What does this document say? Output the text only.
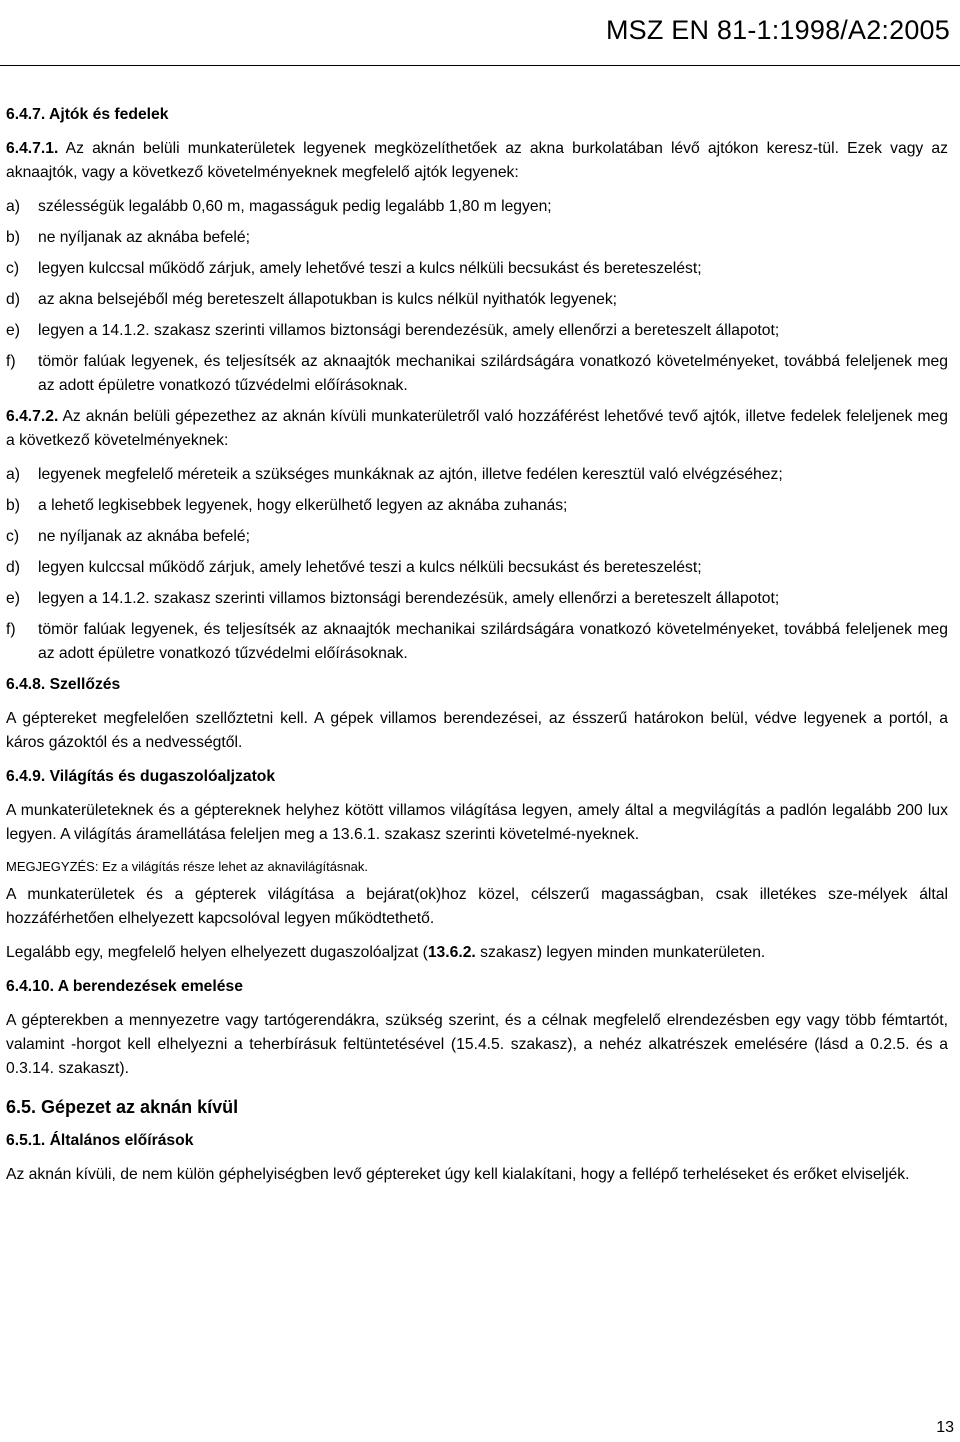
MSZ EN 81-1:1998/A2:2005
6.4.7. Ajtók és fedelek
6.4.7.1. Az aknán belüli munkaterületek legyenek megközelíthetőek az akna burkolatában lévő ajtókon keresz-tül. Ezek vagy az aknaajtók, vagy a következő követelményeknek megfelelő ajtók legyenek:
a)	szélességük legalább 0,60 m, magasságuk pedig legalább 1,80 m legyen;
b)	ne nyíljanak az aknába befelé;
c)	legyen kulccsal működő zárjuk, amely lehetővé teszi a kulcs nélküli becsukást és bereteszelést;
d)	az akna belsejéből még bereteszelt állapotukban is kulcs nélkül nyithatók legyenek;
e)	legyen a 14.1.2. szakasz szerinti villamos biztonsági berendezésük, amely ellenőrzi a bereteszelt állapotot;
f)	tömör falúak legyenek, és teljesítsék az aknaajtók mechanikai szilárdságára vonatkozó követelményeket, továbbá feleljenek meg az adott épületre vonatkozó tűzvédelmi előírásoknak.
6.4.7.2. Az aknán belüli gépezethez az aknán kívüli munkaterületről való hozzáférést lehetővé tevő ajtók, illetve fedelek feleljenek meg a következő követelményeknek:
a)	legyenek megfelelő méreteik a szükséges munkáknak az ajtón, illetve fedélen keresztül való elvégzéséhez;
b)	a lehető legkisebbek legyenek, hogy elkerülhető legyen az aknába zuhanás;
c)	ne nyíljanak az aknába befelé;
d)	legyen kulccsal működő zárjuk, amely lehetővé teszi a kulcs nélküli becsukást és bereteszelést;
e)	legyen a 14.1.2. szakasz szerinti villamos biztonsági berendezésük, amely ellenőrzi a bereteszelt állapotot;
f)	tömör falúak legyenek, és teljesítsék az aknaajtók mechanikai szilárdságára vonatkozó követelményeket, továbbá feleljenek meg az adott épületre vonatkozó tűzvédelmi előírásoknak.
6.4.8. Szellőzés
A géptereket megfelelően szellőztetni kell. A gépek villamos berendezései, az ésszerű határokon belül, védve legyenek a portól, a káros gázoktól és a nedvességtől.
6.4.9. Világítás és dugaszolóaljzatok
A munkaterületeknek és a géptereknek helyhez kötött villamos világítása legyen, amely által a megvilágítás a padlón legalább 200 lux legyen. A világítás áramellátása feleljen meg a 13.6.1. szakasz szerinti követelmé-nyeknek.
MEGJEGYZÉS: Ez a világítás része lehet az aknavilágításnak.
A munkaterületek és a gépterek világítása a bejárat(ok)hoz közel, célszerű magasságban, csak illetékes sze-mélyek által hozzáférhetően elhelyezett kapcsolóval legyen működtethető.
Legalább egy, megfelelő helyen elhelyezett dugaszolóaljzat (13.6.2. szakasz) legyen minden munkaterületen.
6.4.10. A berendezések emelése
A gépterekben a mennyezetre vagy tartógerendákra, szükség szerint, és a célnak megfelelő elrendezésben egy vagy több fémtartót, valamint -horgot kell elhelyezni a teherbírásuk feltüntetésével (15.4.5. szakasz), a nehéz alkatrészek emelésére (lásd a 0.2.5. és a 0.3.14. szakaszt).
6.5. Gépezet az aknán kívül
6.5.1. Általános előírások
Az aknán kívüli, de nem külön géphelyiségben levő géptereket úgy kell kialakítani, hogy a fellépő terheléseket és erőket elviseljék.
13
